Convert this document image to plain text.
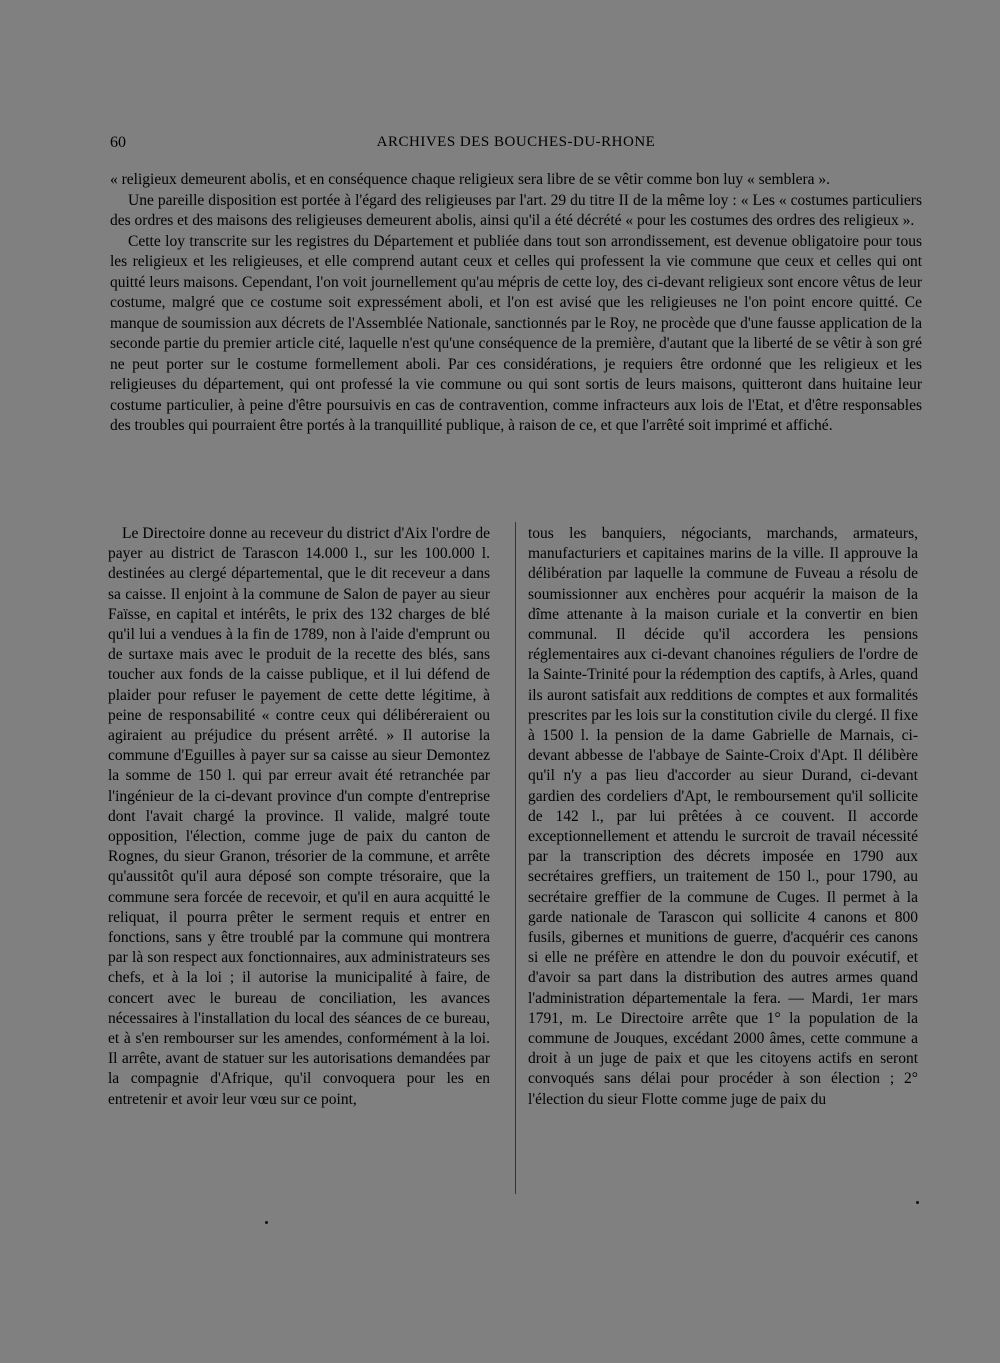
60	ARCHIVES DES BOUCHES-DU-RHONE

« religieux demeurent abolis, et en conséquence chaque religieux sera libre de se vêtir comme bon luy « semblera ».

Une pareille disposition est portée à l'égard des religieuses par l'art. 29 du titre II de la même loy : « Les « costumes particuliers des ordres et des maisons des religieuses demeurent abolis, ainsi qu'il a été décrété « pour les costumes des ordres des religieux ».

Cette loy transcrite sur les registres du Département et publiée dans tout son arrondissement, est devenue obligatoire pour tous les religieux et les religieuses, et elle comprend autant ceux et celles qui professent la vie commune que ceux et celles qui ont quitté leurs maisons. Cependant, l'on voit journellement qu'au mépris de cette loy, des ci-devant religieux sont encore vêtus de leur costume, malgré que ce costume soit expressément aboli, et l'on est avisé que les religieuses ne l'on point encore quitté. Ce manque de soumission aux décrets de l'Assemblée Nationale, sanctionnés par le Roy, ne procède que d'une fausse application de la seconde partie du premier article cité, laquelle n'est qu'une conséquence de la première, d'autant que la liberté de se vêtir à son gré ne peut porter sur le costume formellement aboli. Par ces considérations, je requiers être ordonné que les religieux et les religieuses du département, qui ont professé la vie commune ou qui sont sortis de leurs maisons, quitteront dans huitaine leur costume particulier, à peine d'être poursuivis en cas de contravention, comme infracteurs aux lois de l'Etat, et d'être responsables des troubles qui pourraient être portés à la tranquillité publique, à raison de ce, et que l'arrêté soit imprimé et affiché.

Le Directoire donne au receveur du district d'Aix l'ordre de payer au district de Tarascon 14.000 l., sur les 100.000 l. destinées au clergé départemental, que le dit receveur a dans sa caisse. Il enjoint à la commune de Salon de payer au sieur Faïsse, en capital et intérêts, le prix des 132 charges de blé qu'il lui a vendues à la fin de 1789, non à l'aide d'emprunt ou de surtaxe mais avec le produit de la recette des blés, sans toucher aux fonds de la caisse publique, et il lui défend de plaider pour refuser le payement de cette dette légitime, à peine de responsabilité « contre ceux qui délibéreraient ou agiraient au préjudice du présent arrêté. » Il autorise la commune d'Eguilles à payer sur sa caisse au sieur Demontez la somme de 150 l. qui par erreur avait été retranchée par l'ingénieur de la ci-devant province d'un compte d'entreprise dont l'avait chargé la province. Il valide, malgré toute opposition, l'élection, comme juge de paix du canton de Rognes, du sieur Granon, trésorier de la commune, et arrête qu'aussitôt qu'il aura déposé son compte trésoraire, que la commune sera forcée de recevoir, et qu'il en aura acquitté le reliquat, il pourra prêter le serment requis et entrer en fonctions, sans y être troublé par la commune qui montrera par là son respect aux fonctionnaires, aux administrateurs ses chefs, et à la loi ; il autorise la municipalité à faire, de concert avec le bureau de conciliation, les avances nécessaires à l'installation du local des séances de ce bureau, et à s'en rembourser sur les amendes, conformément à la loi. Il arrête, avant de statuer sur les autorisations demandées par la compagnie d'Afrique, qu'il convoquera pour les en entretenir et avoir leur vœu sur ce point,

tous les banquiers, négociants, marchands, armateurs, manufacturiers et capitaines marins de la ville. Il approuve la délibération par laquelle la commune de Fuveau a résolu de soumissionner aux enchères pour acquérir la maison de la dîme attenante à la maison curiale et la convertir en bien communal. Il décide qu'il accordera les pensions réglementaires aux ci-devant chanoines réguliers de l'ordre de la Sainte-Trinité pour la rédemption des captifs, à Arles, quand ils auront satisfait aux redditions de comptes et aux formalités prescrites par les lois sur la constitution civile du clergé. Il fixe à 1500 l. la pension de la dame Gabrielle de Marnais, ci-devant abbesse de l'abbaye de Sainte-Croix d'Apt. Il délibère qu'il n'y a pas lieu d'accorder au sieur Durand, ci-devant gardien des cordeliers d'Apt, le remboursement qu'il sollicite de 142 l., par lui prêtées à ce couvent. Il accorde exceptionnellement et attendu le surcroit de travail nécessité par la transcription des décrets imposée en 1790 aux secrétaires greffiers, un traitement de 150 l., pour 1790, au secrétaire greffier de la commune de Cuges. Il permet à la garde nationale de Tarascon qui sollicite 4 canons et 800 fusils, gibernes et munitions de guerre, d'acquérir ces canons si elle ne préfère en attendre le don du pouvoir exécutif, et d'avoir sa part dans la distribution des autres armes quand l'administration départementale la fera. — Mardi, 1er mars 1791, m. Le Directoire arrête que 1° la population de la commune de Jouques, excédant 2000 âmes, cette commune a droit à un juge de paix et que les citoyens actifs en seront convoqués sans délai pour procéder à son élection ; 2° l'élection du sieur Flotte comme juge de paix du
